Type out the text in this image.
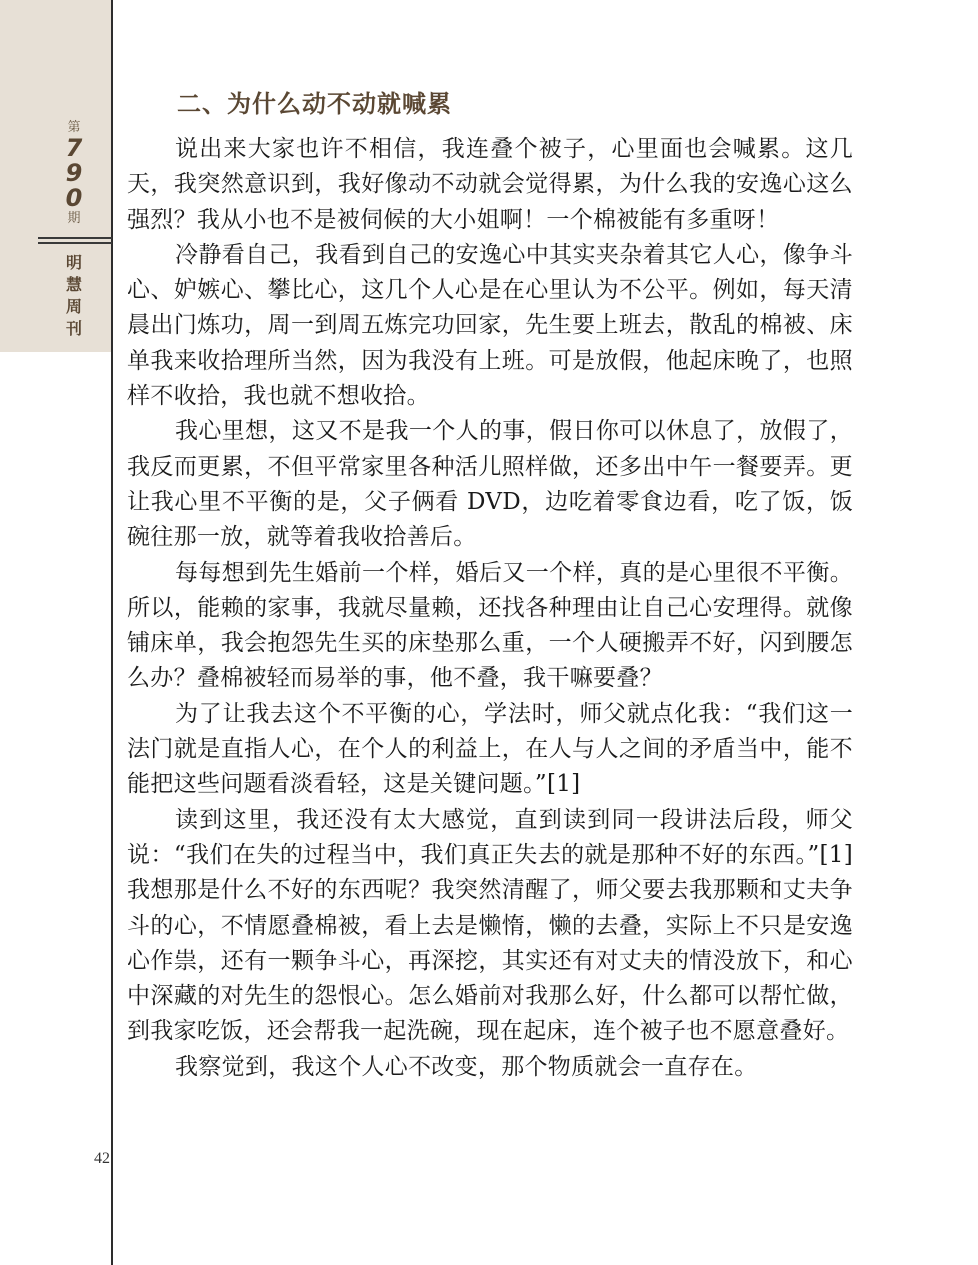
第
7
9
0
期
明
慧
周
刊
42
二、为什么动不动就喊累

说出来大家也许不相信，我连叠个被子，心里面也会喊累。这几天，我突然意识到，我好像动不动就会觉得累，为什么我的安逸心这么强烈？我从小也不是被伺候的大小姐啊！一个棉被能有多重呀！

冷静看自己，我看到自己的安逸心中其实夹杂着其它人心，像争斗心、妒嫉心、攀比心，这几个人心是在心里认为不公平。例如，每天清晨出门炼功，周一到周五炼完功回家，先生要上班去，散乱的棉被、床单我来收拾理所当然，因为我没有上班。可是放假，他起床晚了，也照样不收拾，我也就不想收拾。

我心里想，这又不是我一个人的事，假日你可以休息了，放假了，我反而更累，不但平常家里各种活儿照样做，还多出中午一餐要弄。更让我心里不平衡的是，父子俩看 DVD，边吃着零食边看，吃了饭，饭碗往那一放，就等着我收拾善后。

每每想到先生婚前一个样，婚后又一个样，真的是心里很不平衡。所以，能赖的家事，我就尽量赖，还找各种理由让自己心安理得。就像铺床单，我会抱怨先生买的床垫那么重，一个人硬搬弄不好，闪到腰怎么办？叠棉被轻而易举的事，他不叠，我干嘛要叠？

为了让我去这个不平衡的心，学法时，师父就点化我：“我们这一法门就是直指人心，在个人的利益上，在人与人之间的矛盾当中，能不能把这些问题看淡看轻，这是关键问题。”[1]

读到这里，我还没有太大感觉，直到读到同一段讲法后段，师父说：“我们在失的过程当中，我们真正失去的就是那种不好的东西。”[1] 我想那是什么不好的东西呢？我突然清醒了，师父要去我那颗和丈夫争斗的心，不情愿叠棉被，看上去是懒惰，懒的去叠，实际上不只是安逸心作祟，还有一颗争斗心，再深挖，其实还有对丈夫的情没放下，和心中深藏的对先生的怨恨心。怎么婚前对我那么好，什么都可以帮忙做，到我家吃饭，还会帮我一起洗碗，现在起床，连个被子也不愿意叠好。

我察觉到，我这个人心不改变，那个物质就会一直存在。
